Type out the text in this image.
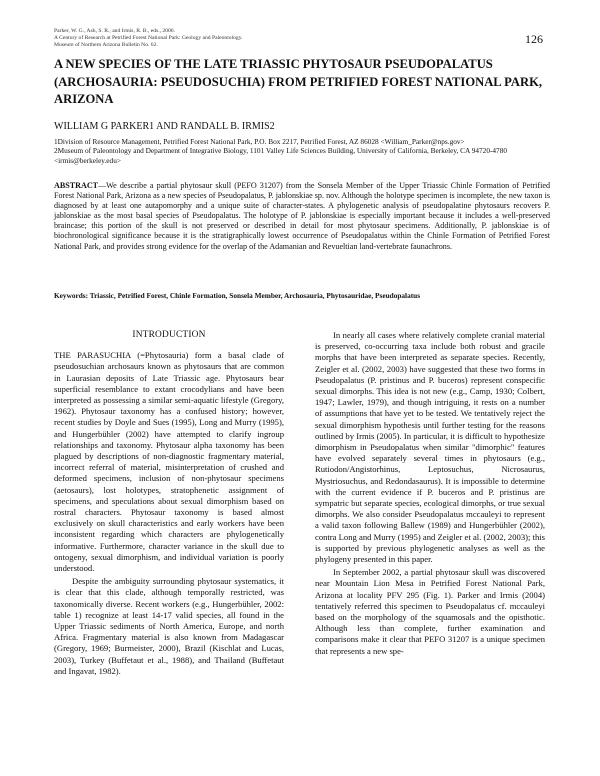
Parker, W. G., Ash, S. R., and Irmis, R. B., eds., 2006.
A Century of Research at Petrified Forest National Park: Geology and Paleontology.
Museum of Northern Arizona Bulletin No. 62.	126
A NEW SPECIES OF THE LATE TRIASSIC PHYTOSAUR PSEUDOPALATUS (ARCHOSAURIA: PSEUDOSUCHIA) FROM PETRIFIED FOREST NATIONAL PARK, ARIZONA
WILLIAM G PARKER1 AND RANDALL B. IRMIS2
1Division of Resource Management, Petrified Forest National Park, P.O. Box 2217, Petrified Forest, AZ 86028 <William_Parker@nps.gov>
2Museum of Paleontology and Department of Integrative Biology, 1101 Valley Life Sciences Building, University of California, Berkeley, CA 94720-4780 <irmis@berkeley.edu>
ABSTRACT—We describe a partial phytosaur skull (PEFO 31207) from the Sonsela Member of the Upper Triassic Chinle Formation of Petrified Forest National Park, Arizona as a new species of Pseudopalatus, P. jablonskiae sp. nov. Although the holotype specimen is incomplete, the new taxon is diagnosed by at least one autapomorphy and a unique suite of character-states. A phylogenetic analysis of pseudopalatine phytosaurs recovers P. jablonskiae as the most basal species of Pseudopalatus. The holotype of P. jablonskiae is especially important because it includes a well-preserved braincase; this portion of the skull is not preserved or described in detail for most phytosaur specimens. Additionally, P. jablonskiae is of biochronological significance because it is the stratigraphically lowest occurrence of Pseudopalatus within the Chinle Formation of Petrified Forest National Park, and provides strong evidence for the overlap of the Adamanian and Revueltian land-vertebrate faunachrons.
Keywords: Triassic, Petrified Forest, Chinle Formation, Sonsela Member, Archosauria, Phytosauridae, Pseudopalatus
INTRODUCTION

THE PARASUCHIA (=Phytosauria) form a basal clade of pseudosuchian archosaurs known as phytosaurs that are common in Laurasian deposits of Late Triassic age. Phytosaurs bear superficial resemblance to extant crocodylians and have been interpreted as possessing a similar semi-aquatic lifestyle (Gregory, 1962). Phytosaur taxonomy has a confused history; however, recent studies by Doyle and Sues (1995), Long and Murry (1995), and Hungerbühler (2002) have attempted to clarify ingroup relationships and taxonomy. Phytosaur alpha taxonomy has been plagued by descriptions of non-diagnostic fragmentary material, incorrect referral of material, misinterpretation of crushed and deformed specimens, inclusion of non-phytosaur specimens (aetosaurs), lost holotypes, stratophenetic assignment of specimens, and speculations about sexual dimorphism based on rostral characters. Phytosaur taxonomy is based almost exclusively on skull characteristics and early workers have been inconsistent regarding which characters are phylogenetically informative. Furthermore, character variance in the skull due to ontogeny, sexual dimorphism, and individual variation is poorly understood.

Despite the ambiguity surrounding phytosaur systematics, it is clear that this clade, although temporally restricted, was taxonomically diverse. Recent workers (e.g., Hungerbühler, 2002: table 1) recognize at least 14-17 valid species, all found in the Upper Triassic sediments of North America, Europe, and north Africa. Fragmentary material is also known from Madagascar (Gregory, 1969; Burmeister, 2000), Brazil (Kischlat and Lucas, 2003), Turkey (Buffetaut et al., 1988), and Thailand (Buffetaut and Ingavat, 1982).

In nearly all cases where relatively complete cranial material is preserved, co-occurring taxa include both robust and gracile morphs that have been interpreted as separate species. Recently, Zeigler et al. (2002, 2003) have suggested that these two forms in Pseudopalatus (P. pristinus and P. buceros) represent conspecific sexual dimorphs. This idea is not new (e.g., Camp, 1930; Colbert, 1947; Lawler, 1979), and though intriguing, it rests on a number of assumptions that have yet to be tested. We tentatively reject the sexual dimorphism hypothesis until further testing for the reasons outlined by Irmis (2005). In particular, it is difficult to hypothesize dimorphism in Pseudopalatus when similar "dimorphic" features have evolved separately several times in phytosaurs (e.g., Rutiodon/Angistorhinus, Leptosuchus, Nicrosaurus, Mystriosuchus, and Redondasaurus). It is impossible to determine with the current evidence if P. buceros and P. pristinus are sympatric but separate species, ecological dimorphs, or true sexual dimorphs. We also consider Pseudopalatus mccauleyi to represent a valid taxon following Ballew (1989) and Hungerbühler (2002), contra Long and Murry (1995) and Zeigler et al. (2002, 2003); this is supported by previous phylogenetic analyses as well as the phylogeny presented in this paper.

In September 2002, a partial phytosaur skull was discovered near Mountain Lion Mesa in Petrified Forest National Park, Arizona at locality PFV 295 (Fig. 1). Parker and Irmis (2004) tentatively referred this specimen to Pseudopalatus cf. mccauleyi based on the morphology of the squamosals and the opisthotic. Although less than complete, further examination and comparisons make it clear that PEFO 31207 is a unique specimen that represents a new spe-
